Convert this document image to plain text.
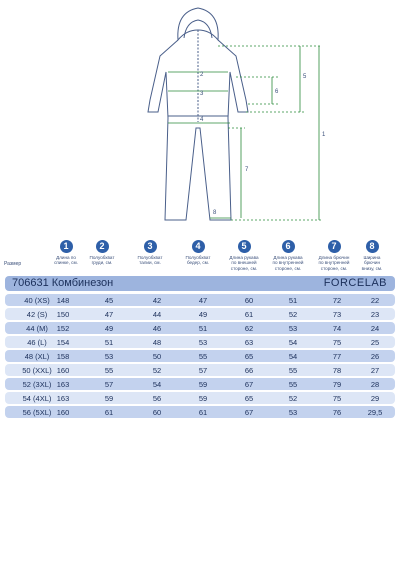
2
3
4
5
6
7
8
1
Размер
1
Длина по
спинке, см.
2
Полуобхват
груди, см.
3
Полуобхват
талии, см.
4
Полуобхват
бедер, см.
5
Длина рукава
по внешней
стороне, см.
6
Длина рукава
по внутренней
стороне, см.
7
Длина брючин
по внутренней
стороне, см.
8
Ширина
брючин
внизу, см.
706631 Комбинезон	FORCELAB
40 (XS) 148	45	42	47	60	51	72	22
42 (S)	150	47	44	49	61	52	73	23
44 (M)	152	49	46	51	62	53	74	24
46 (L)	154	51	48	53	63	54	75	25
48 (XL) 158	53	50	55	65	54	77	26
50 (XXL) 160	55	52	57	66	55	78	27
52 (3XL) 163	57	54	59	67	55	79	28
54 (4XL) 163	59	56	59	65	52	75	29
56 (5XL) 160	61	60	61	67	53	76	29,5
